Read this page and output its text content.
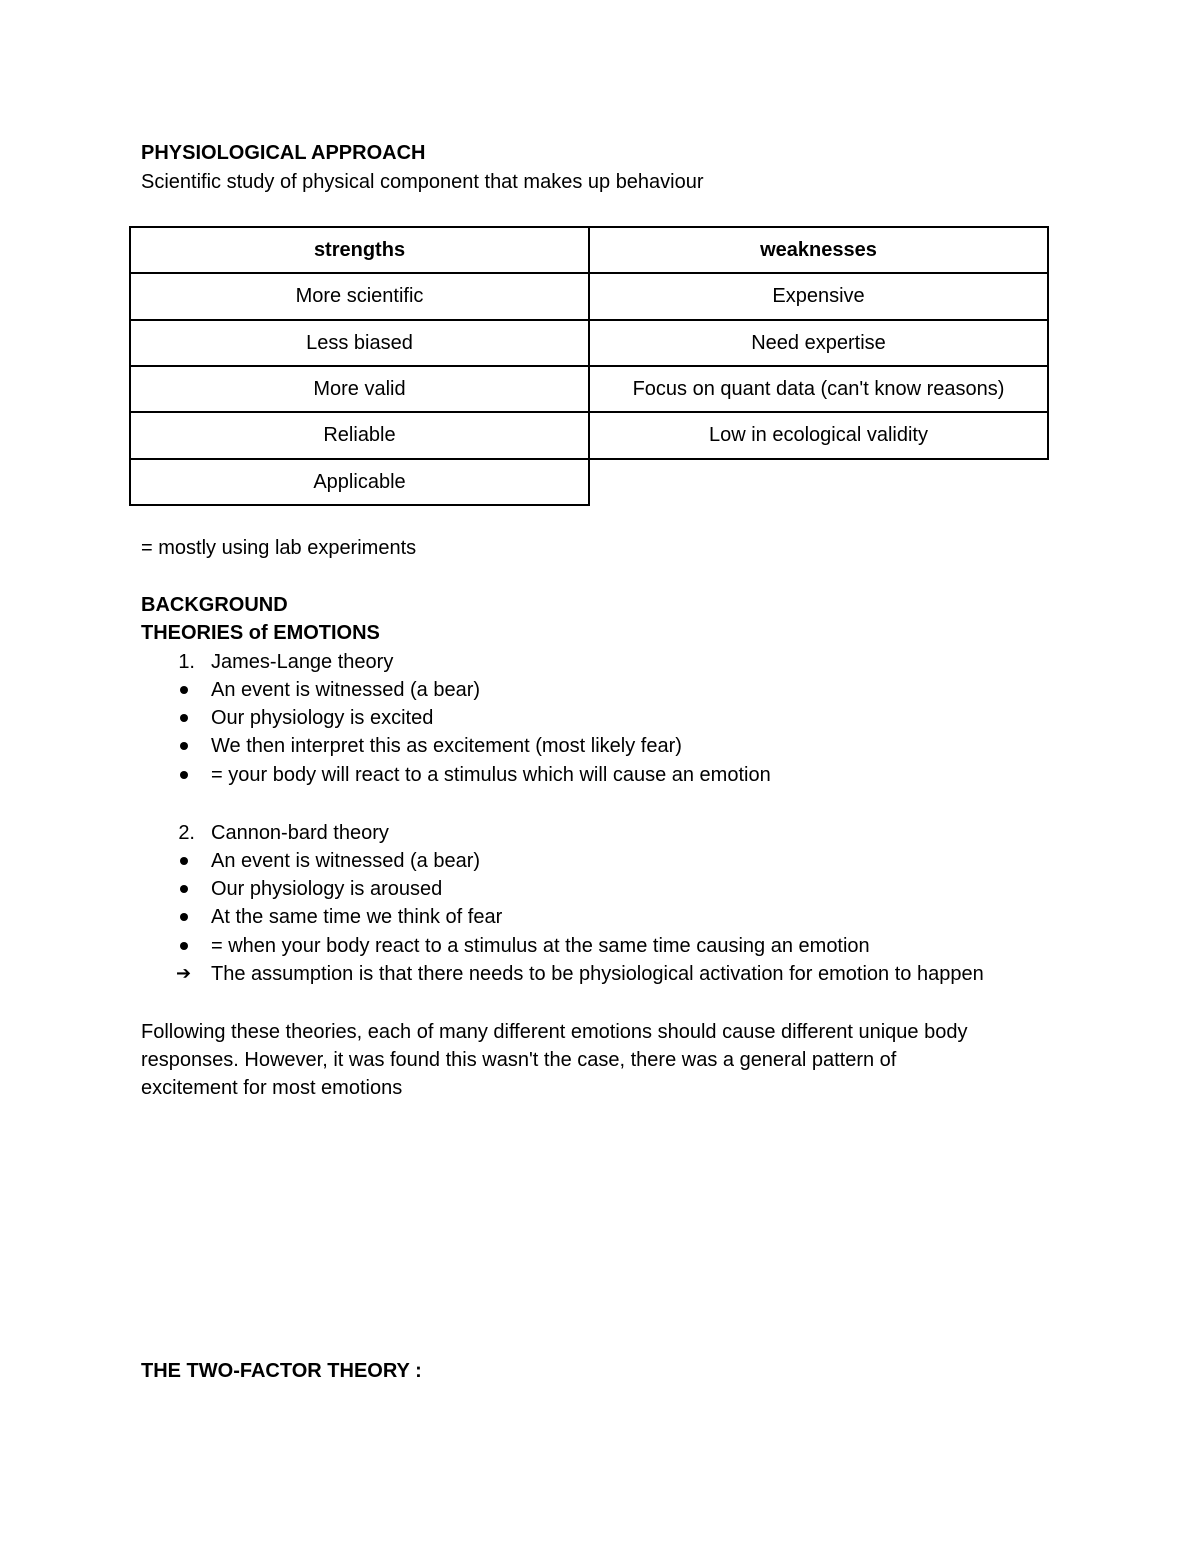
PHYSIOLOGICAL APPROACH
Scientific study of physical component that makes up behaviour
strengths	weaknesses
More scientific	Expensive
Less biased	Need expertise
More valid	Focus on quant data (can't know reasons)
Reliable	Low in ecological validity
Applicable
= mostly using lab experiments
BACKGROUND
THEORIES of EMOTIONS
1. James-Lange theory
An event is witnessed (a bear)
Our physiology is excited
We then interpret this as excitement (most likely fear)
= your body will react to a stimulus which will cause an emotion
2. Cannon-bard theory
An event is witnessed (a bear)
Our physiology is aroused
At the same time we think of fear
= when your body react to a stimulus at the same time causing an emotion
➔ The assumption is that there needs to be physiological activation for emotion to happen
Following these theories, each of many different emotions should cause different unique body
responses. However, it was found this wasn't the case, there was a general pattern of
excitement for most emotions
THE TWO-FACTOR THEORY :
